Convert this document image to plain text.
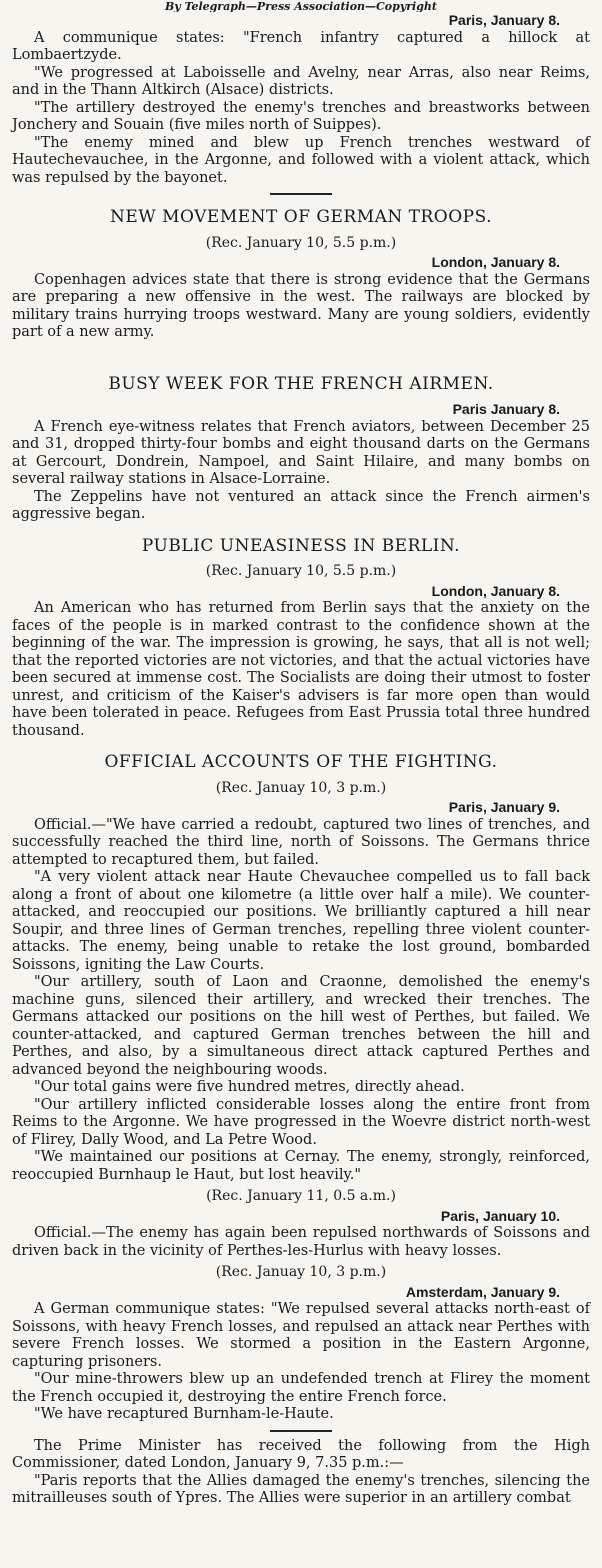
By Telegraph—Press Association—Copyright
Paris, January 8.

A communique states: "French infantry captured a hillock at Lombaertzyde.

"We progressed at Laboisselle and Avelny, near Arras, also near Reims, and in the Thann Altkirch (Alsace) districts.

"The artillery destroyed the enemy's trenches and breastworks between Jonchery and Souain (five miles north of Suippes).

"The enemy mined and blew up French trenches westward of Hautechevauchee, in the Argonne, and followed with a violent attack, which was repulsed by the bayonet.

NEW MOVEMENT OF GERMAN TROOPS.
(Rec. January 10, 5.5 p.m.)
London, January 8.

Copenhagen advices state that there is strong evidence that the Germans are preparing a new offensive in the west. The railways are blocked by military trains hurrying troops westward. Many are young soldiers, evidently part of a new army.

BUSY WEEK FOR THE FRENCH AIRMEN.
Paris January 8.

A French eye-witness relates that French aviators, between December 25 and 31, dropped thirty-four bombs and eight thousand darts on the Germans at Gercourt, Dondrein, Nampoel, and Saint Hilaire, and many bombs on several railway stations in Alsace-Lorraine.

The Zeppelins have not ventured an attack since the French airmen's aggressive began.

PUBLIC UNEASINESS IN BERLIN.
(Rec. January 10, 5.5 p.m.)
London, January 8.

An American who has returned from Berlin says that the anxiety on the faces of the people is in marked contrast to the confidence shown at the beginning of the war. The impression is growing, he says, that all is not well; that the reported victories are not victories, and that the actual victories have been secured at immense cost. The Socialists are doing their utmost to foster unrest, and criticism of the Kaiser's advisers is far more open than would have been tolerated in peace. Refugees from East Prussia total three hundred thousand.

OFFICIAL ACCOUNTS OF THE FIGHTING.
(Rec. Januay 10, 3 p.m.)
Paris, January 9.

Official.—"We have carried a redoubt, captured two lines of trenches, and successfully reached the third line, north of Soissons. The Germans thrice attempted to recaptured them, but failed.

"A very violent attack near Haute Chevauchee compelled us to fall back along a front of about one kilometre (a little over half a mile). We counter-attacked, and reoccupied our positions. We brilliantly captured a hill near Soupir, and three lines of German trenches, repelling three violent counter-attacks. The enemy, being unable to retake the lost ground, bombarded Soissons, igniting the Law Courts.

"Our artillery, south of Laon and Craonne, demolished the enemy's machine guns, silenced their artillery, and wrecked their trenches. The Germans attacked our positions on the hill west of Perthes, but failed. We counter-attacked, and captured German trenches between the hill and Perthes, and also, by a simultaneous direct attack captured Perthes and advanced beyond the neighbouring woods.

"Our total gains were five hundred metres, directly ahead.

"Our artillery inflicted considerable losses along the entire front from Reims to the Argonne. We have progressed in the Woevre district north-west of Flirey, Dally Wood, and La Petre Wood.

"We maintained our positions at Cernay. The enemy, strongly, reinforced, reoccupied Burnhaup le Haut, but lost heavily."

(Rec. January 11, 0.5 a.m.)
Paris, January 10.

Official.—The enemy has again been repulsed northwards of Soissons and driven back in the vicinity of Perthes-les-Hurlus with heavy losses.

(Rec. Januay 10, 3 p.m.)
Amsterdam, January 9.

A German communique states: "We repulsed several attacks north-east of Soissons, with heavy French losses, and repulsed an attack near Perthes with severe French losses. We stormed a position in the Eastern Argonne, capturing prisoners.

"Our mine-throwers blew up an undefended trench at Flirey the moment the French occupied it, destroying the entire French force.

"We have recaptured Burnham-le-Haute.

The Prime Minister has received the following from the High Commissioner, dated London, January 9, 7.35 p.m.:—

"Paris reports that the Allies damaged the enemy's trenches, silencing the mitrailleuses south of Ypres. The Allies were superior in an artillery combat
